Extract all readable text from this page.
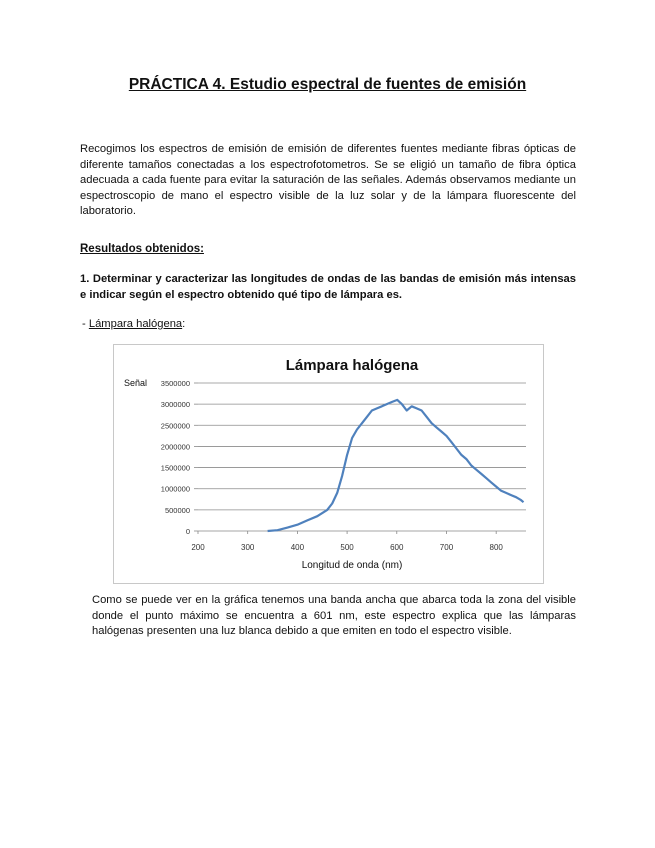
PRÁCTICA 4. Estudio espectral de fuentes de emisión

Recogimos los espectros de emisión de emisión de diferentes fuentes mediante fibras ópticas de diferente tamaños conectadas a los espectrofotometros. Se se eligió un tamaño de fibra óptica adecuada a cada fuente para evitar la saturación de las señales. Además observamos mediante un espectroscopio de mano el espectro visible de la luz solar y de la lámpara fluorescente del laboratorio.

Resultados obtenidos:

1. Determinar y caracterizar las longitudes de ondas de las bandas de emisión más intensas e indicar según el espectro obtenido qué tipo de lámpara es.

- Lámpara halógena:

Lámpara halógena
Señal
0
500000
1000000
1500000
2000000
2500000
3000000
3500000
200	300	400	500	600	700	800
Longitud de onda (nm)

Como se puede ver en la gráfica tenemos una banda ancha que abarca toda la zona del visible donde el punto máximo se encuentra a 601 nm, este espectro explica que las lámparas halógenas presenten una luz blanca debido a que emiten en todo el espectro visible.
